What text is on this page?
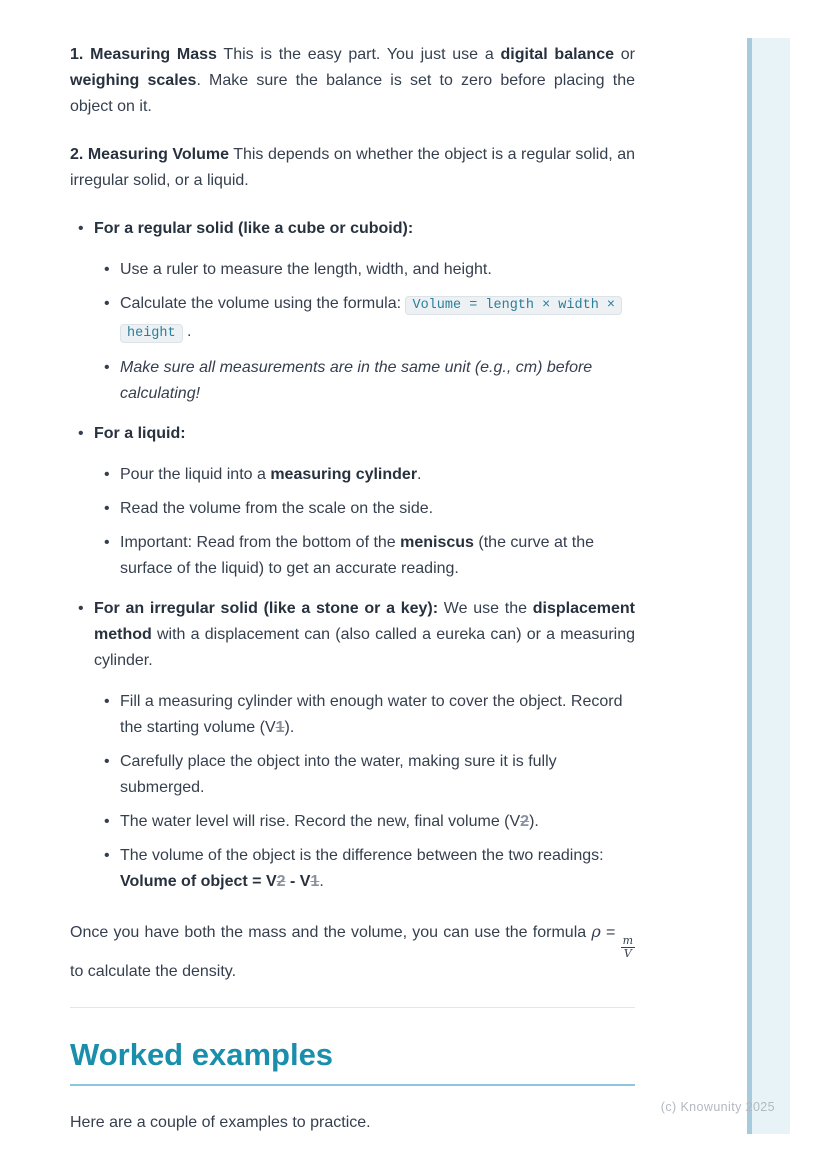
1. Measuring Mass This is the easy part. You just use a digital balance or weighing scales. Make sure the balance is set to zero before placing the object on it.

2. Measuring Volume This depends on whether the object is a regular solid, an irregular solid, or a liquid.

•
For a regular solid (like a cube or cuboid):
•
Use a ruler to measure the length, width, and height.
•
Calculate the volume using the formula: Volume = length × width × height .
•
Make sure all measurements are in the same unit (e.g., cm) before calculating!
•
For a liquid:
•
Pour the liquid into a measuring cylinder.
•
Read the volume from the scale on the side.
•
Important: Read from the bottom of the meniscus (the curve at the surface of the liquid) to get an accurate reading.
•
For an irregular solid (like a stone or a key): We use the displacement method with a displacement can (also called a eureka can) or a measuring cylinder.
•
Fill a measuring cylinder with enough water to cover the object. Record the starting volume (V1).
•
Carefully place the object into the water, making sure it is fully submerged.
•
The water level will rise. Record the new, final volume (V2).
•
The volume of the object is the difference between the two readings: Volume of object = V2 - V1.

Once you have both the mass and the volume, you can use the formula ρ =
$\frac{m}{V}$
to calculate the density.

Worked examples

Here are a couple of examples to practice.

(c) Knowunity 2025
